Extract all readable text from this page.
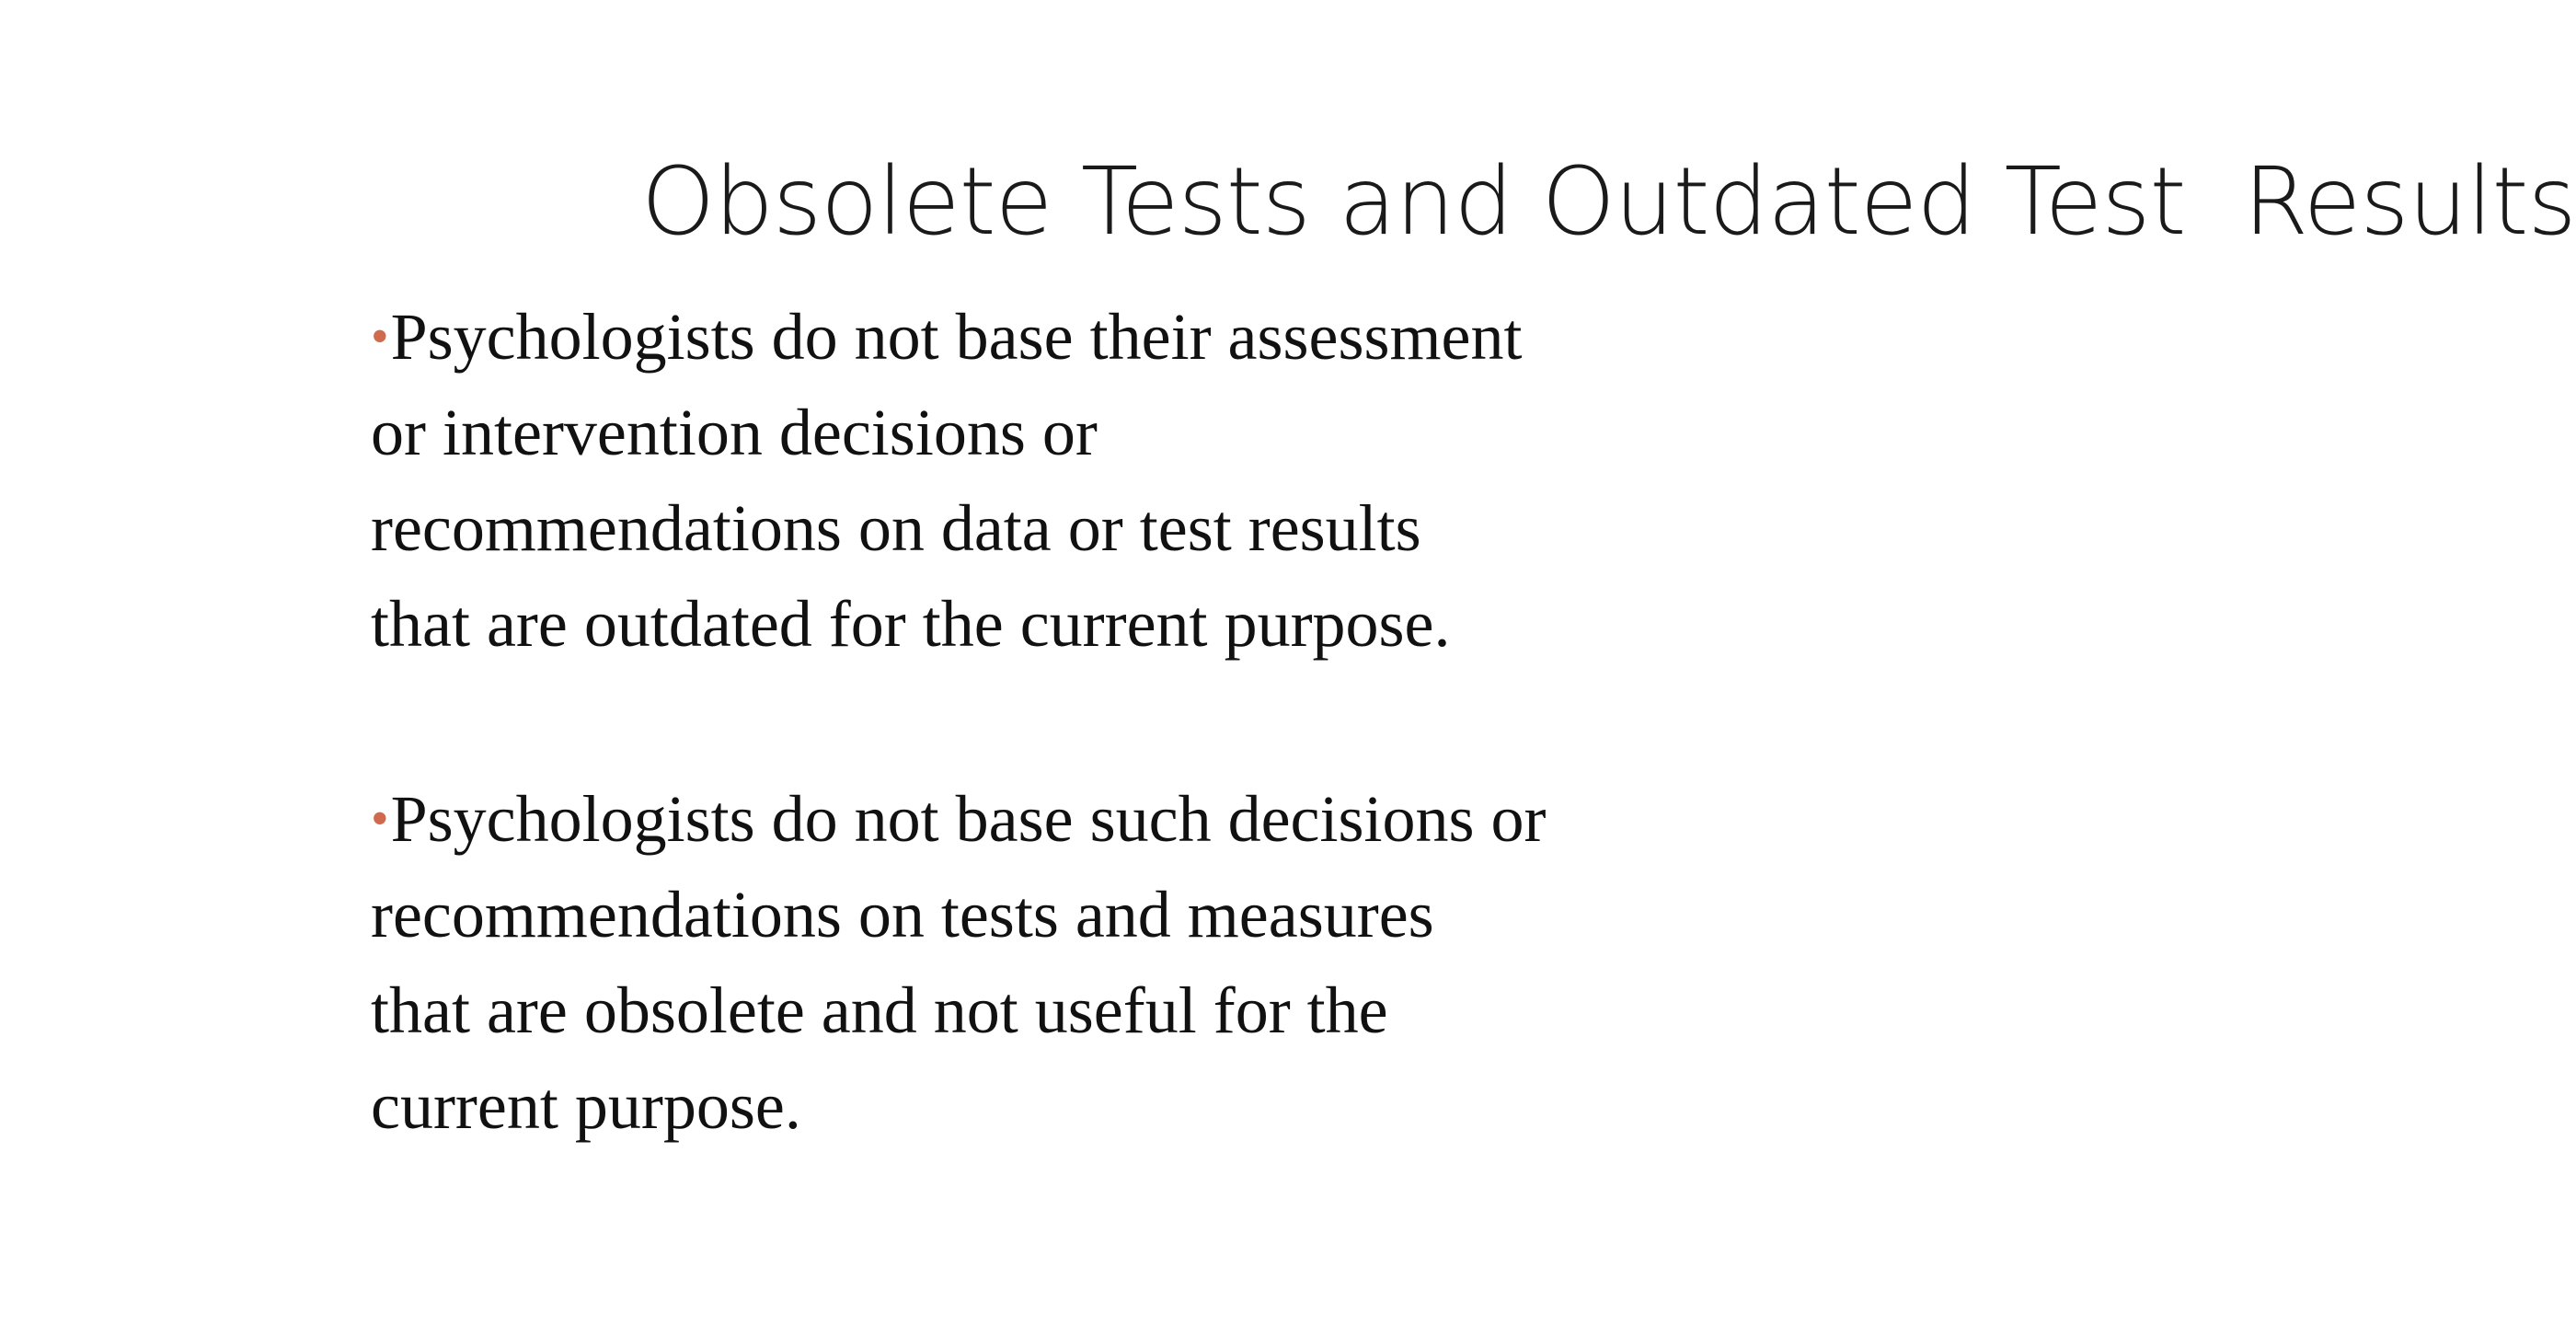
Obsolete Tests and Outdated Test  Results
•Psychologists do not base their assessment
or intervention decisions or
recommendations on data or test results
that are outdated for the current purpose.
•Psychologists do not base such decisions or
recommendations on tests and measures
that are obsolete and not useful for the
current purpose.
